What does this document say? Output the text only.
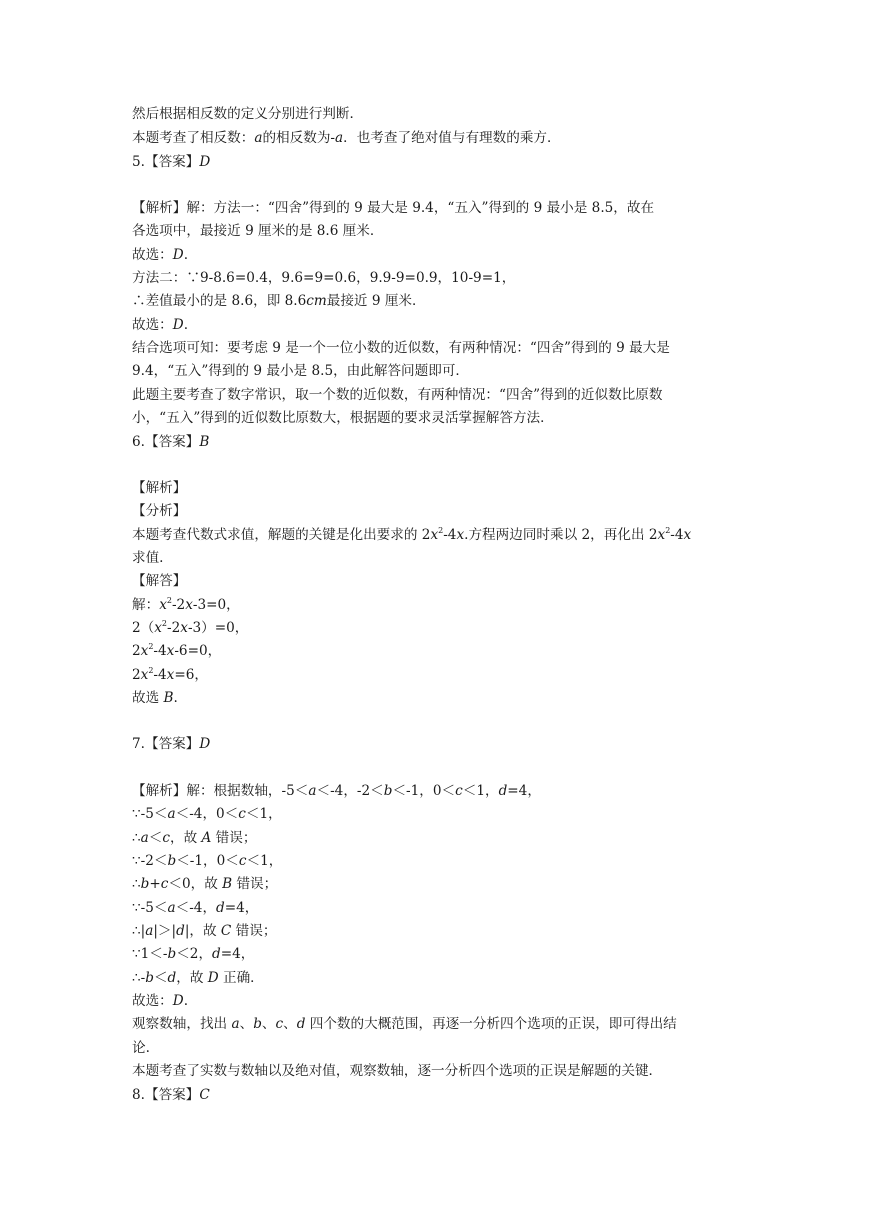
然后根据相反数的定义分别进行判断．
本题考查了相反数：a的相反数为-a．也考查了绝对值与有理数的乘方．
5.【答案】D
【解析】解：方法一：“四舍”得到的 9 最大是 9.4，“五入”得到的 9 最小是 8.5，故在
各选项中，最接近 9 厘米的是 8.6 厘米．
故选：D.
方法二：∵9-8.6=0.4，9.6=9=0.6，9.9-9=0.9，10-9=1，
∴差值最小的是 8.6，即 8.6cm最接近 9 厘米．
故选：D.
结合选项可知：要考虑 9 是一个一位小数的近似数，有两种情况：“四舍”得到的 9 最大是
9.4，“五入”得到的 9 最小是 8.5，由此解答问题即可．
此题主要考查了数字常识，取一个数的近似数，有两种情况：“四舍”得到的近似数比原数
小，“五入”得到的近似数比原数大，根据题的要求灵活掌握解答方法．
6.【答案】B
【解析】
【分析】
本题考查代数式求值，解题的关键是化出要求的 $2x^2-4x$.方程两边同时乘以 2，再化出 $2x^2-4x$
求值.
【解答】
解：$x^2-2x-3=0$，
$2(x^2-2x-3)=0$，
$2x^2-4x-6=0$，
$2x^2-4x=6$，
故选 B.
7.【答案】D
【解析】解：根据数轴，-5＜a＜-4，-2＜b＜-1，0＜c＜1，d=4，
∵-5＜a＜-4，0＜c＜1，
∴a＜c，故 A 错误；
∵-2＜b＜-1，0＜c＜1，
∴b+c＜0，故 B 错误；
∵-5＜a＜-4，d=4，
∴|a|＞|d|，故 C 错误；
∵1＜-b＜2，d=4，
∴-b＜d，故 D 正确．
故选：D.
观察数轴，找出 a、b、c、d 四个数的大概范围，再逐一分析四个选项的正误，即可得出结
论.
本题考查了实数与数轴以及绝对值，观察数轴，逐一分析四个选项的正误是解题的关键．
8.【答案】C
